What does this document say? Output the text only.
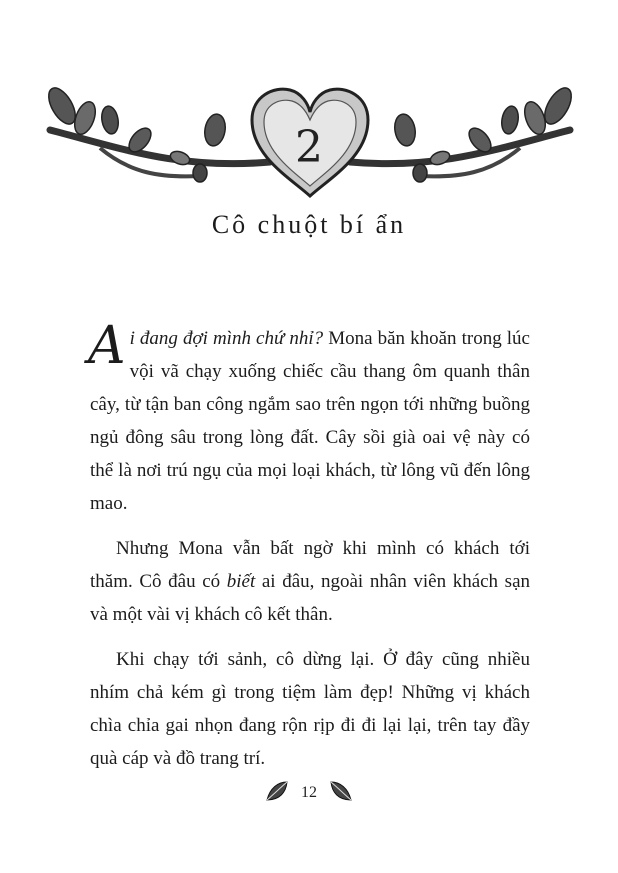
2
Cô chuột bí ẩn

Ai đang đợi mình chứ nhỉ? Mona băn khoăn trong lúc vội vã chạy xuống chiếc cầu thang ôm quanh thân cây, từ tận ban công ngắm sao trên ngọn tới những buồng ngủ đông sâu trong lòng đất. Cây sồi già oai vệ này có thể là nơi trú ngụ của mọi loại khách, từ lông vũ đến lông mao.

Nhưng Mona vẫn bất ngờ khi mình có khách tới thăm. Cô đâu có biết ai đâu, ngoài nhân viên khách sạn và một vài vị khách cô kết thân.

Khi chạy tới sảnh, cô dừng lại. Ở đây cũng nhiều nhím chả kém gì trong tiệm làm đẹp! Những vị khách chìa chỉa gai nhọn đang rộn rịp đi đi lại lại, trên tay đầy quà cáp và đồ trang trí.

12
